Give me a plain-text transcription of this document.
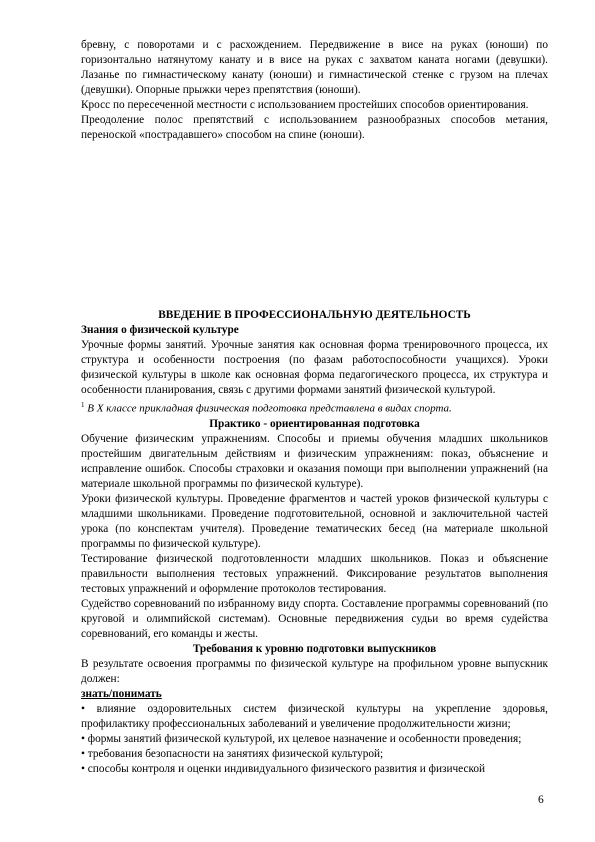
бревну, с поворотами и с расхождением. Передвижение в висе на руках (юноши) по горизонтально натянутому канату и в висе на руках с захватом каната ногами (девушки). Лазанье по гимнастическому канату (юноши) и гимнастической стенке с грузом на плечах (девушки). Опорные прыжки через препятствия (юноши).

Кросс по пересеченной местности с использованием простейших способов ориентирования.

Преодоление полос препятствий с использованием разнообразных способов метания, переноской «пострадавшего» способом на спине (юноши).

ВВЕДЕНИЕ В ПРОФЕССИОНАЛЬНУЮ ДЕЯТЕЛЬНОСТЬ

Знания о физической культуре

Урочные формы занятий. Урочные занятия как основная форма тренировочного процесса, их структура и особенности построения (по фазам работоспособности учащихся). Уроки физической культуры в школе как основная форма педагогического процесса, их структура и особенности планирования, связь с другими формами занятий физической культурой.

$^1$ В X классе прикладная физическая подготовка представлена в видах спорта.

Практико - ориентированная подготовка

Обучение физическим упражнениям. Способы и приемы обучения младших школьников простейшим двигательным действиям и физическим упражнениям: показ, объяснение и исправление ошибок. Способы страховки и оказания помощи при выполнении упражнений (на материале школьной программы по физической культуре).

Уроки физической культуры. Проведение фрагментов и частей уроков физической культуры с младшими школьниками. Проведение подготовительной, основной и заключительной частей урока (по конспектам учителя). Проведение тематических бесед (на материале школьной программы по физической культуре).

Тестирование физической подготовленности младших школьников. Показ и объяснение правильности выполнения тестовых упражнений. Фиксирование результатов выполнения тестовых упражнений и оформление протоколов тестирования.

Судейство соревнований по избранному виду спорта. Составление программы соревнований (по круговой и олимпийской системам). Основные передвижения судьи во время судейства соревнований, его команды и жесты.

Требования к уровню подготовки выпускников

В результате освоения программы по физической культуре на профильном уровне выпускник должен:

знать/понимать

• влияние оздоровительных систем физической культуры на укрепление здоровья, профилактику профессиональных заболеваний и увеличение продолжительности жизни;

• формы занятий физической культурой, их целевое назначение и особенности проведения;

• требования безопасности на занятиях физической культурой;

• способы контроля и оценки индивидуального физического развития и физической

6
